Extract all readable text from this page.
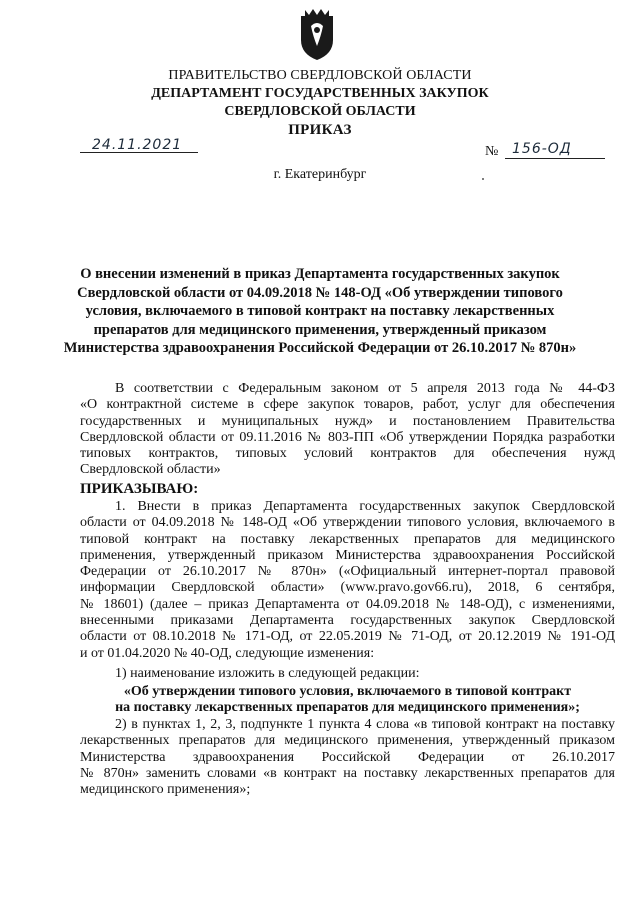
ПРАВИТЕЛЬСТВО СВЕРДЛОВСКОЙ ОБЛАСТИ
ДЕПАРТАМЕНТ ГОСУДАРСТВЕННЫХ ЗАКУПОК
СВЕРДЛОВСКОЙ ОБЛАСТИ
ПРИКАЗ
24.11.2021	№ 156-ОД
г. Екатеринбург
О внесении изменений в приказ Департамента государственных закупок
Свердловской области от 04.09.2018 № 148-ОД «Об утверждении типового
условия, включаемого в типовой контракт на поставку лекарственных
препаратов для медицинского применения, утвержденный приказом
Министерства здравоохранения Российской Федерации от 26.10.2017 № 870н»
В соответствии с Федеральным законом от 5 апреля 2013 года № 44-ФЗ
«О контрактной системе в сфере закупок товаров, работ, услуг для обеспечения
государственных и муниципальных нужд» и постановлением Правительства
Свердловской области от 09.11.2016 № 803-ПП «Об утверждении Порядка разработки
типовых контрактов, типовых условий контрактов для обеспечения нужд
Свердловской области»
ПРИКАЗЫВАЮ:
1. Внести в приказ Департамента государственных закупок Свердловской
области от 04.09.2018 № 148-ОД «Об утверждении типового условия, включаемого в
типовой контракт на поставку лекарственных препаратов для медицинского
применения, утвержденный приказом Министерства здравоохранения Российской
Федерации от 26.10.2017 № 870н» («Официальный интернет-портал правовой
информации Свердловской области» (www.pravo.gov66.ru), 2018, 6 сентября,
№ 18601) (далее – приказ Департамента от 04.09.2018 № 148-ОД), с изменениями,
внесенными приказами Департамента государственных закупок Свердловской
области от 08.10.2018 № 171-ОД, от 22.05.2019 № 71-ОД, от 20.12.2019 № 191-ОД
и от 01.04.2020 № 40-ОД, следующие изменения:
1) наименование изложить в следующей редакции:
«Об утверждении типового условия, включаемого в типовой контракт
на поставку лекарственных препаратов для медицинского применения»;
2) в пунктах 1, 2, 3, подпункте 1 пункта 4 слова «в типовой контракт на поставку
лекарственных препаратов для медицинского применения, утвержденный приказом
Министерства здравоохранения Российской Федерации от 26.10.2017
№ 870н» заменить словами «в контракт на поставку лекарственных препаратов для
медицинского применения»;
